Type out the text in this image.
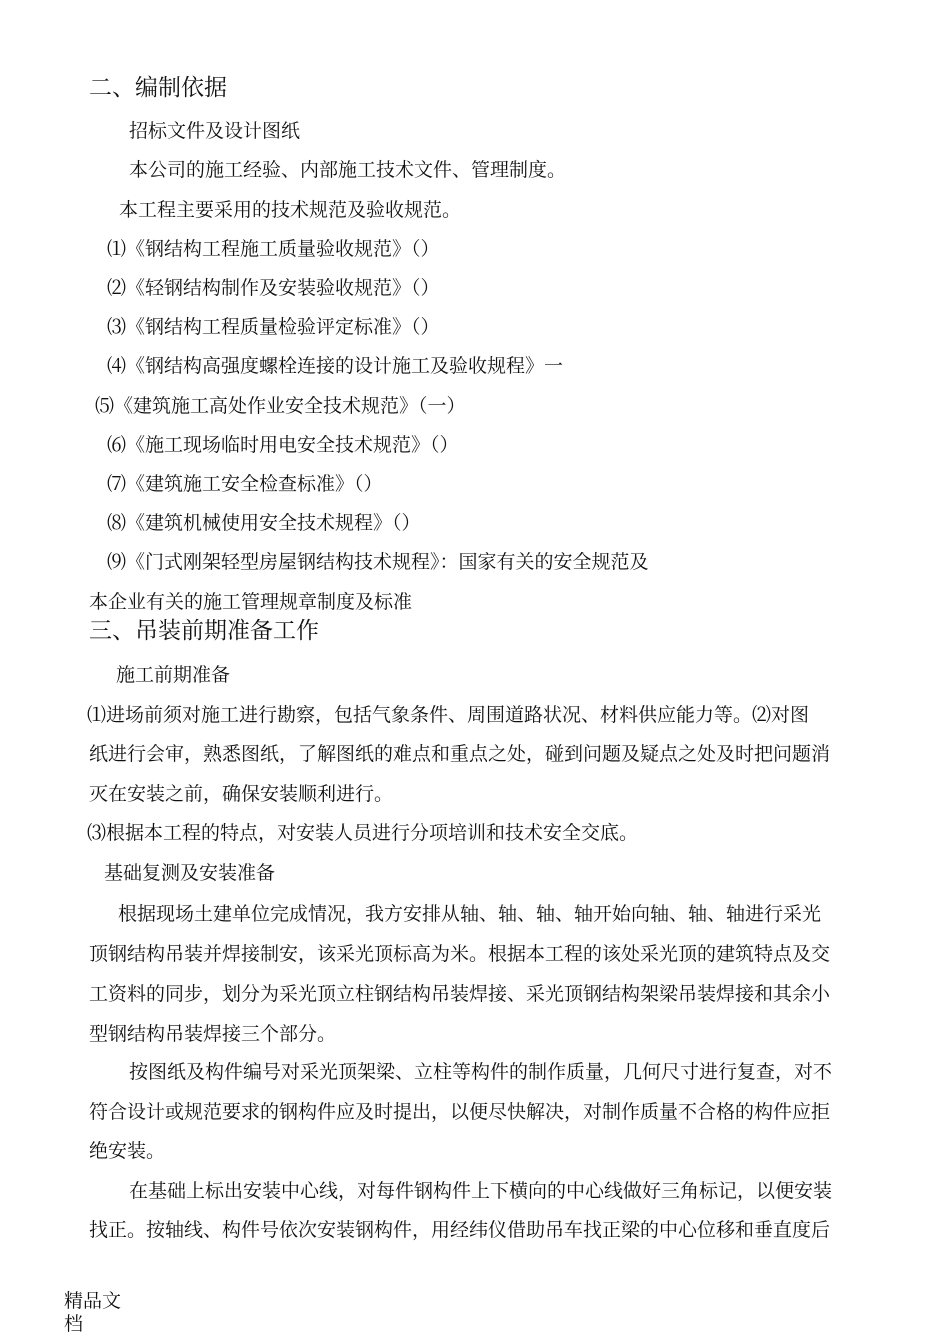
二、编制依据
招标文件及设计图纸
本公司的施工经验、内部施工技术文件、管理制度。
本工程主要采用的技术规范及验收规范。
⑴《钢结构工程施工质量验收规范》（）
⑵《轻钢结构制作及安装验收规范》（）
⑶《钢结构工程质量检验评定标准》（）
⑷《钢结构高强度螺栓连接的设计施工及验收规程》一
⑸《建筑施工高处作业安全技术规范》（一）
⑹《施工现场临时用电安全技术规范》（）
⑺《建筑施工安全检查标准》（）
⑻《建筑机械使用安全技术规程》（）
⑼《门式刚架轻型房屋钢结构技术规程》：国家有关的安全规范及
本企业有关的施工管理规章制度及标准
三、吊装前期准备工作
施工前期准备
⑴进场前须对施工进行勘察，包括气象条件、周围道路状况、材料供应能力等。⑵对图
纸进行会审，熟悉图纸，了解图纸的难点和重点之处，碰到问题及疑点之处及时把问题消
灭在安装之前，确保安装顺利进行。
⑶根据本工程的特点，对安装人员进行分项培训和技术安全交底。
基础复测及安装准备
根据现场土建单位完成情况，我方安排从轴、轴、轴、轴开始向轴、轴、轴进行采光
顶钢结构吊装并焊接制安，该采光顶标高为米。根据本工程的该处采光顶的建筑特点及交
工资料的同步，划分为采光顶立柱钢结构吊装焊接、采光顶钢结构架梁吊装焊接和其余小
型钢结构吊装焊接三个部分。
按图纸及构件编号对采光顶架梁、立柱等构件的制作质量，几何尺寸进行复查，对不
符合设计或规范要求的钢构件应及时提出，以便尽快解决，对制作质量不合格的构件应拒
绝安装。
在基础上标出安装中心线，对每件钢构件上下横向的中心线做好三角标记，以便安装
找正。按轴线、构件号依次安装钢构件，用经纬仪借助吊车找正梁的中心位移和垂直度后
精品文档
